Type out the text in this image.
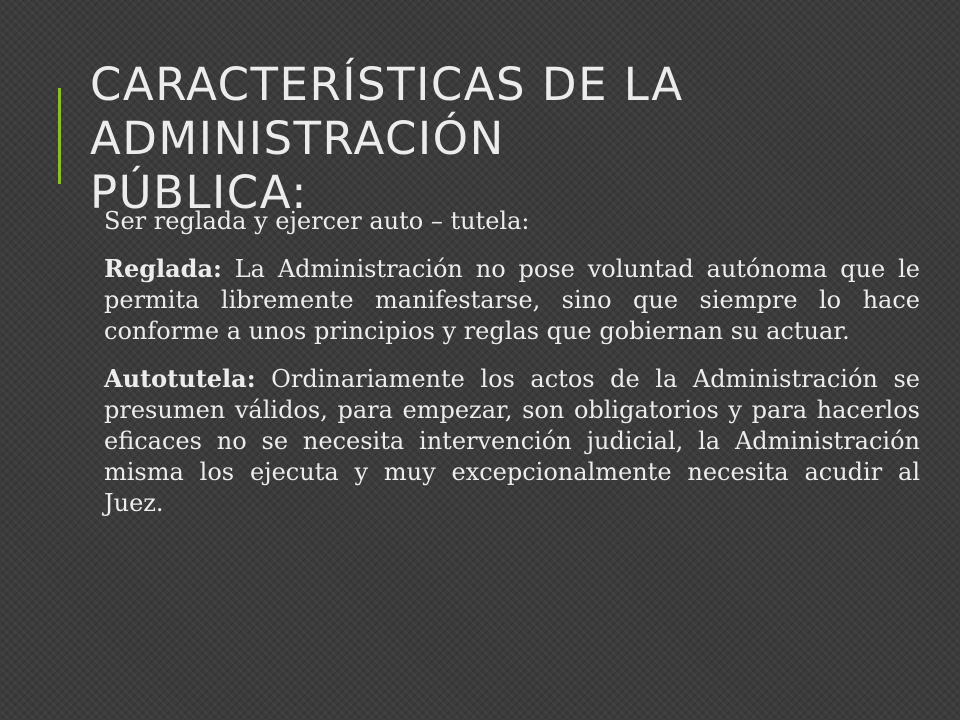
CARACTERÍSTICAS DE LA
ADMINISTRACIÓN
PÚBLICA:

Ser reglada y ejercer auto – tutela:

Reglada: La Administración no pose voluntad autónoma que le permita libremente manifestarse, sino que siempre lo hace conforme a unos principios y reglas que gobiernan su actuar.

Autotutela: Ordinariamente los actos de la Administración se presumen válidos, para empezar, son obligatorios y para hacerlos eficaces no se necesita intervención judicial, la Administración misma los ejecuta y muy excepcionalmente necesita acudir al Juez.
